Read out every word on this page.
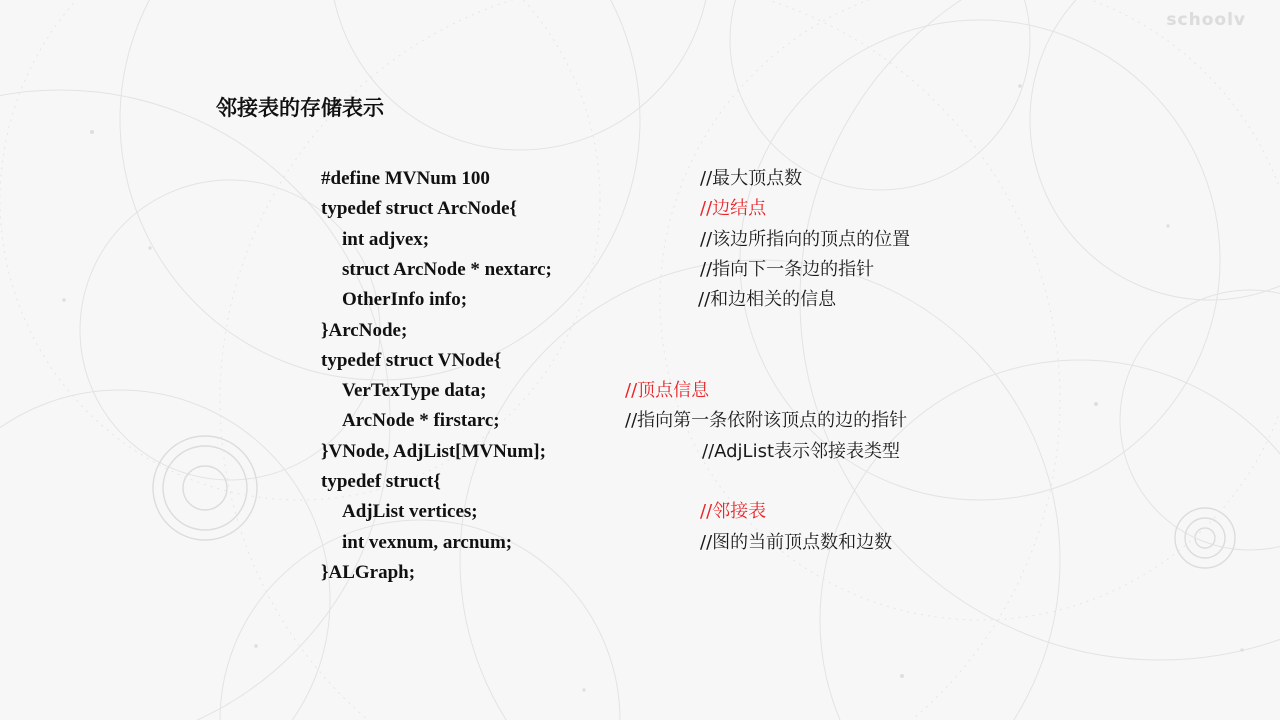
schoolv
邻接表的存储表示
#define MVNum 100	//最大顶点数
typedef struct ArcNode{	//边结点
int adjvex;	//该边所指向的顶点的位置
struct ArcNode * nextarc;	//指向下一条边的指针
OtherInfo info;	//和边相关的信息
}ArcNode;
typedef struct VNode{
VerTexType data;	//顶点信息
ArcNode * firstarc;	//指向第一条依附该顶点的边的指针
}VNode, AdjList[MVNum];	//AdjList表示邻接表类型
typedef struct{
AdjList vertices;	//邻接表
int vexnum, arcnum;	//图的当前顶点数和边数
}ALGraph;
